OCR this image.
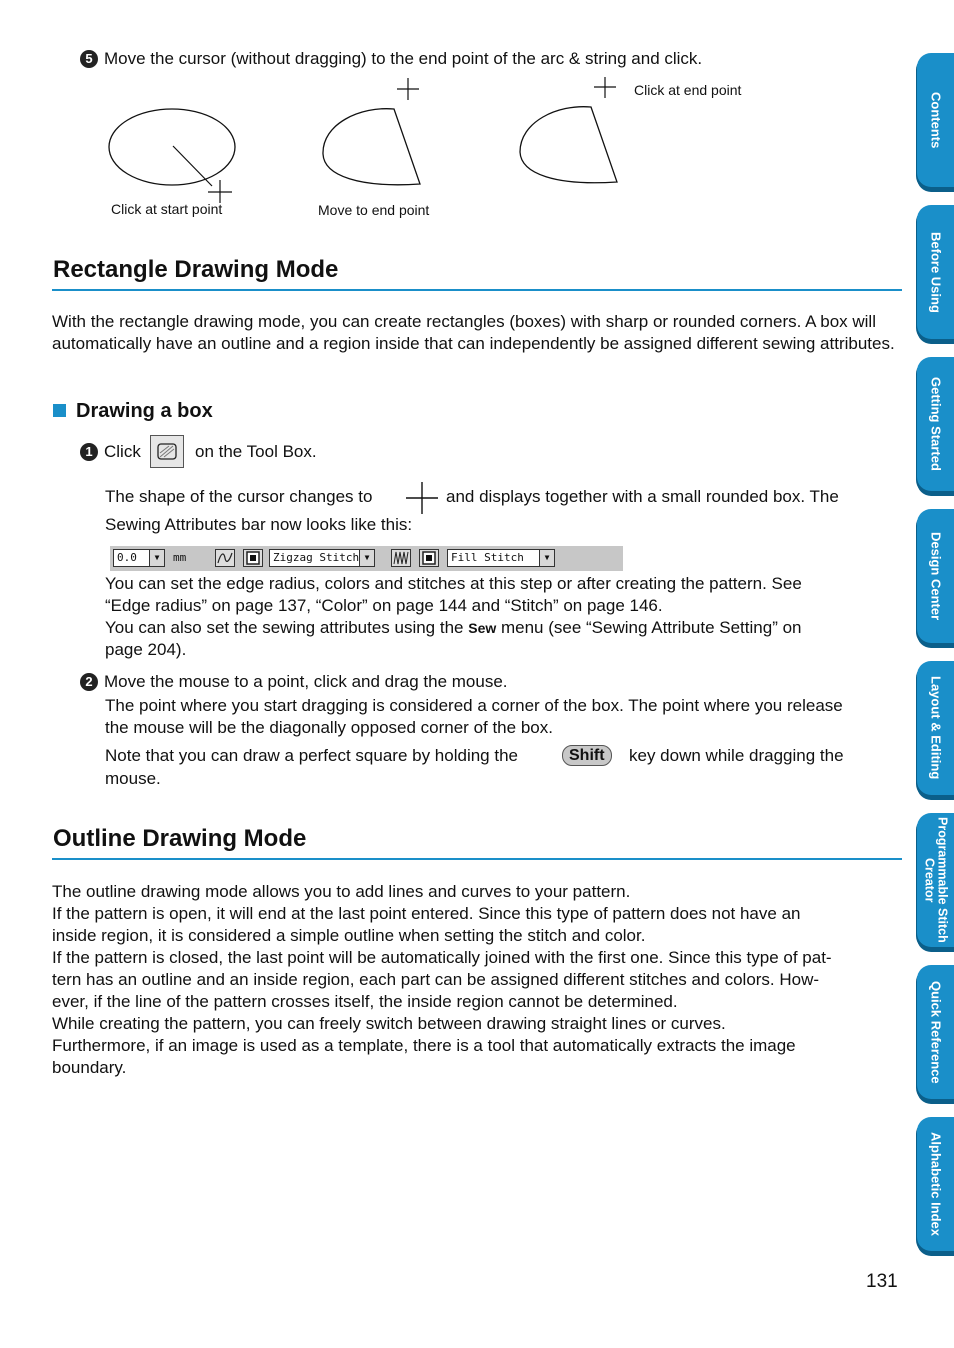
5 Move the cursor (without dragging) to the end point of the arc & string and click.
Click at start point	Move to end point
Click at end point
Rectangle Drawing Mode
With the rectangle drawing mode, you can create rectangles (boxes) with sharp or rounded corners. A box will automatically have an outline and a region inside that can independently be assigned different sewing attributes.
Drawing a box
1 Click	on the Tool Box.
The shape of the cursor changes to	and displays together with a small rounded box. The
Sewing Attributes bar now looks like this:
0.0	▼	mm	Zigzag Stitch ▼	Fill Stitch	▼
You can set the edge radius, colors and stitches at this step or after creating the pattern. See
“Edge radius” on page 137, “Color” on page 144 and “Stitch” on page 146.
You can also set the sewing attributes using the Sew menu (see “Sewing Attribute Setting” on
page 204).
2 Move the mouse to a point, click and drag the mouse.
The point where you start dragging is considered a corner of the box. The point where you release
the mouse will be the diagonally opposed corner of the box.
Note that you can draw a perfect square by holding the	Shift	key down while dragging the
mouse.
Outline Drawing Mode

The outline drawing mode allows you to add lines and curves to your pattern.

If the pattern is open, it will end at the last point entered. Since this type of pattern does not have an

inside region, it is considered a simple outline when setting the stitch and color.

If the pattern is closed, the last point will be automatically joined with the first one. Since this type of pat-

tern has an outline and an inside region, each part can be assigned different stitches and colors. How-

ever, if the line of the pattern crosses itself, the inside region cannot be determined.

While creating the pattern, you can freely switch between drawing straight lines or curves.

Furthermore, if an image is used as a template, there is a tool that automatically extracts the image

boundary.

Contents
Before Using
Getting Started
Design Center
Layout & Editing
Programmable Stitch Creator
Quick Reference
Alphabetic Index
131
